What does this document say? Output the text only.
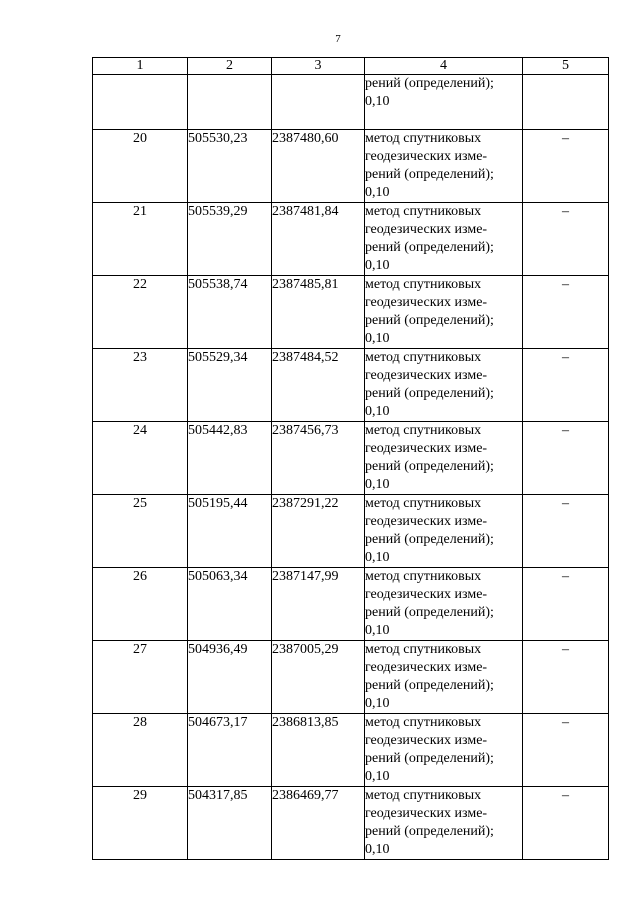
7
1	2	3	4	5

			рений (определений);
0,10	

20	505530,23	2387480,60	метод спутниковых
геодезических изме-
рений (определений);
0,10	–
21	505539,29	2387481,84	метод спутниковых
геодезических изме-
рений (определений);
0,10	–
22	505538,74	2387485,81	метод спутниковых
геодезических изме-
рений (определений);
0,10	–
23	505529,34	2387484,52	метод спутниковых
геодезических изме-
рений (определений);
0,10	–
24	505442,83	2387456,73	метод спутниковых
геодезических изме-
рений (определений);
0,10	–
25	505195,44	2387291,22	метод спутниковых
геодезических изме-
рений (определений);
0,10	–
26	505063,34	2387147,99	метод спутниковых
геодезических изме-
рений (определений);
0,10	–
27	504936,49	2387005,29	метод спутниковых
геодезических изме-
рений (определений);
0,10	–
28	504673,17	2386813,85	метод спутниковых
геодезических изме-
рений (определений);
0,10	–
29	504317,85	2386469,77	метод спутниковых
геодезических изме-
рений (определений);
0,10	–
